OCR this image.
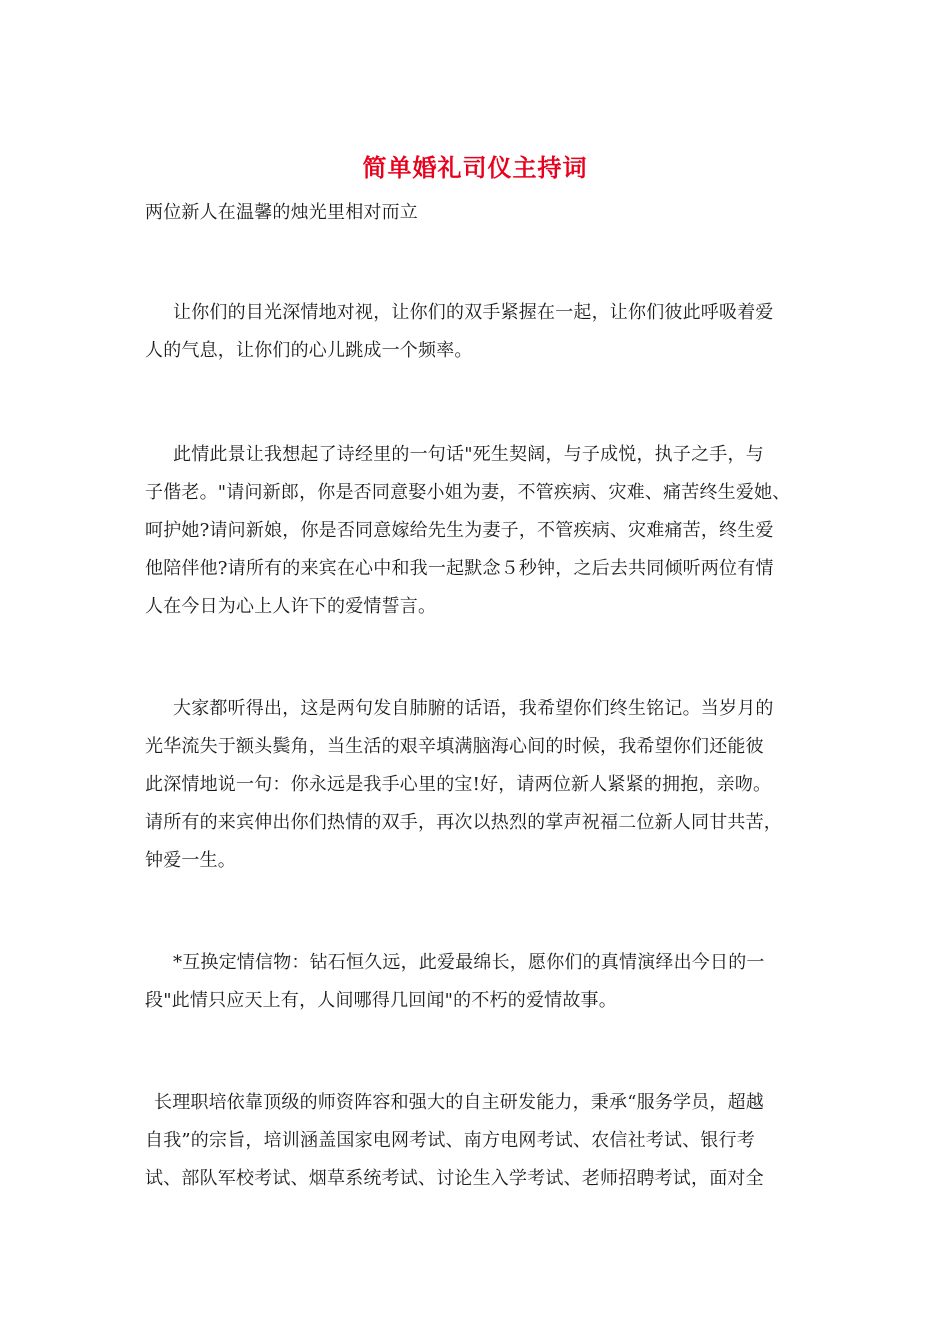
简单婚礼司仪主持词
两位新人在温馨的烛光里相对而立
让你们的目光深情地对视，让你们的双手紧握在一起，让你们彼此呼吸着爱
人的气息，让你们的心儿跳成一个频率。
此情此景让我想起了诗经里的一句话"死生契阔，与子成悦，执子之手，与
子偕老。"请问新郎，你是否同意娶小姐为妻，不管疾病、灾难、痛苦终生爱她、
呵护她?请问新娘，你是否同意嫁给先生为妻子，不管疾病、灾难痛苦，终生爱
他陪伴他?请所有的来宾在心中和我一起默念５秒钟，之后去共同倾听两位有情
人在今日为心上人许下的爱情誓言。
大家都听得出，这是两句发自肺腑的话语，我希望你们终生铭记。当岁月的
光华流失于额头鬓角，当生活的艰辛填满脑海心间的时候，我希望你们还能彼
此深情地说一句：你永远是我手心里的宝!好，请两位新人紧紧的拥抱，亲吻。
请所有的来宾伸出你们热情的双手，再次以热烈的掌声祝福二位新人同甘共苦，
钟爱一生。
*互换定情信物：钻石恒久远，此爱最绵长，愿你们的真情演绎出今日的一
段"此情只应天上有，人间哪得几回闻"的不朽的爱情故事。
长理职培依靠顶级的师资阵容和强大的自主研发能力，秉承“服务学员，超越
自我”的宗旨，培训涵盖国家电网考试、南方电网考试、农信社考试、银行考
试、部队军校考试、烟草系统考试、讨论生入学考试、老师招聘考试，面对全
